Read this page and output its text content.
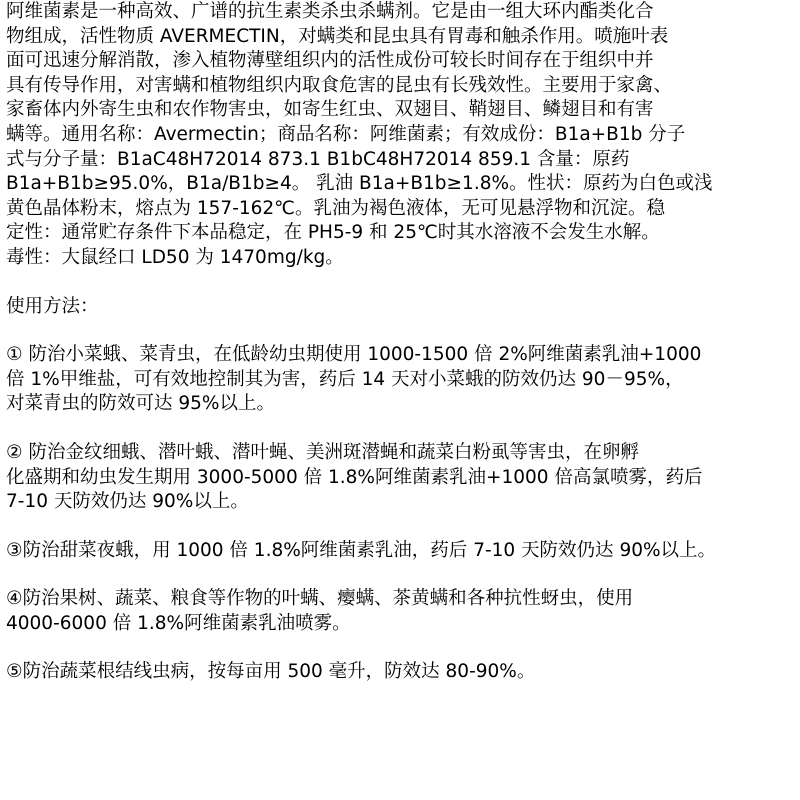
阿维菌素是一种高效、广谱的抗生素类杀虫杀螨剂。它是由一组大环内酯类化合
物组成，活性物质 AVERMECTIN，对螨类和昆虫具有胃毒和触杀作用。喷施叶表
面可迅速分解消散，渗入植物薄壁组织内的活性成份可较长时间存在于组织中并
具有传导作用，对害螨和植物组织内取食危害的昆虫有长残效性。主要用于家禽、
家畜体内外寄生虫和农作物害虫，如寄生红虫、双翅目、鞘翅目、鳞翅目和有害
螨等。通用名称：Avermectin；商品名称：阿维菌素；有效成份：B1a+B1b 分子
式与分子量：B1aC48H72014 873.1 B1bC48H72014 859.1 含量：原药
B1a+B1b≥95.0%，B1a/B1b≥4。 乳油 B1a+B1b≥1.8%。性状：原药为白色或浅
黄色晶体粉末，熔点为 157-162℃。乳油为褐色液体，无可见悬浮物和沉淀。稳
定性：通常贮存条件下本品稳定，在 PH5-9 和 25℃时其水溶液不会发生水解。
毒性：大鼠经口 LD50 为 1470mg/kg。
使用方法：
① 防治小菜蛾、菜青虫，在低龄幼虫期使用 1000-1500 倍 2%阿维菌素乳油+1000
倍 1%甲维盐，可有效地控制其为害，药后 14 天对小菜蛾的防效仍达 90－95%，
对菜青虫的防效可达 95%以上。
② 防治金纹细蛾、潜叶蛾、潜叶蝇、美洲斑潜蝇和蔬菜白粉虱等害虫，在卵孵
化盛期和幼虫发生期用 3000-5000 倍 1.8%阿维菌素乳油+1000 倍高氯喷雾，药后
7-10 天防效仍达 90%以上。
③防治甜菜夜蛾，用 1000 倍 1.8%阿维菌素乳油，药后 7-10 天防效仍达 90%以上。
④防治果树、蔬菜、粮食等作物的叶螨、瘿螨、茶黄螨和各种抗性蚜虫，使用
4000-6000 倍 1.8%阿维菌素乳油喷雾。
⑤防治蔬菜根结线虫病，按每亩用 500 毫升，防效达 80-90%。
